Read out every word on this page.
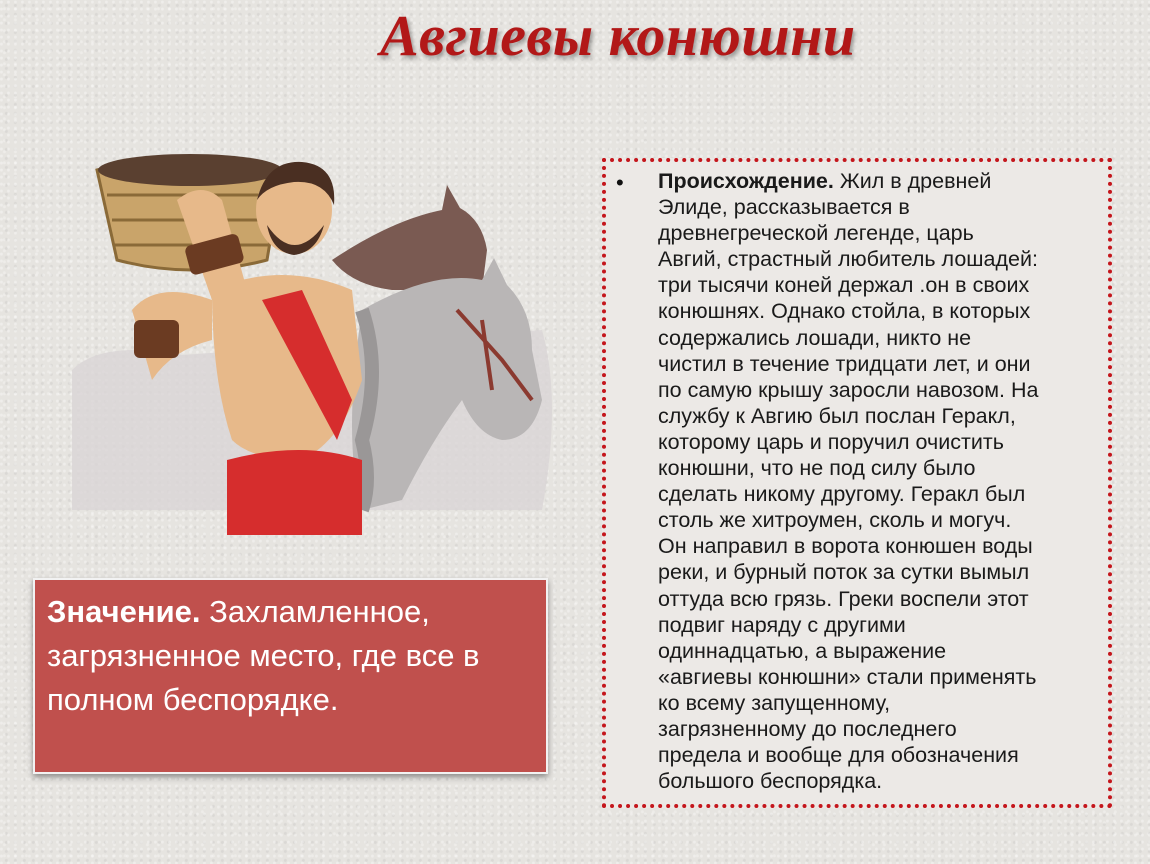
Авгиевы конюшни
Значение. Захламленное, загрязненное место, где все в полном беспорядке.
• Происхождение. Жил в древней
Элиде, рассказывается в
древнегреческой легенде, царь
Авгий, страстный любитель лошадей:
три тысячи коней держал .он в своих
конюшнях. Однако стойла, в которых
содержались лошади, никто не
чистил в течение тридцати лет, и они
по самую крышу заросли навозом. На
службу к Авгию был послан Геракл,
которому царь и поручил очистить
конюшни, что не под силу было
сделать никому другому. Геракл был
столь же хитроумен, сколь и могуч.
Он направил в ворота конюшен воды
реки, и бурный поток за сутки вымыл
оттуда всю грязь. Греки воспели этот
подвиг наряду с другими
одиннадцатью, а выражение
«авгиевы конюшни» стали применять
ко всему запущенному,
загрязненному до последнего
предела и вообще для обозначения
большого беспорядка.
